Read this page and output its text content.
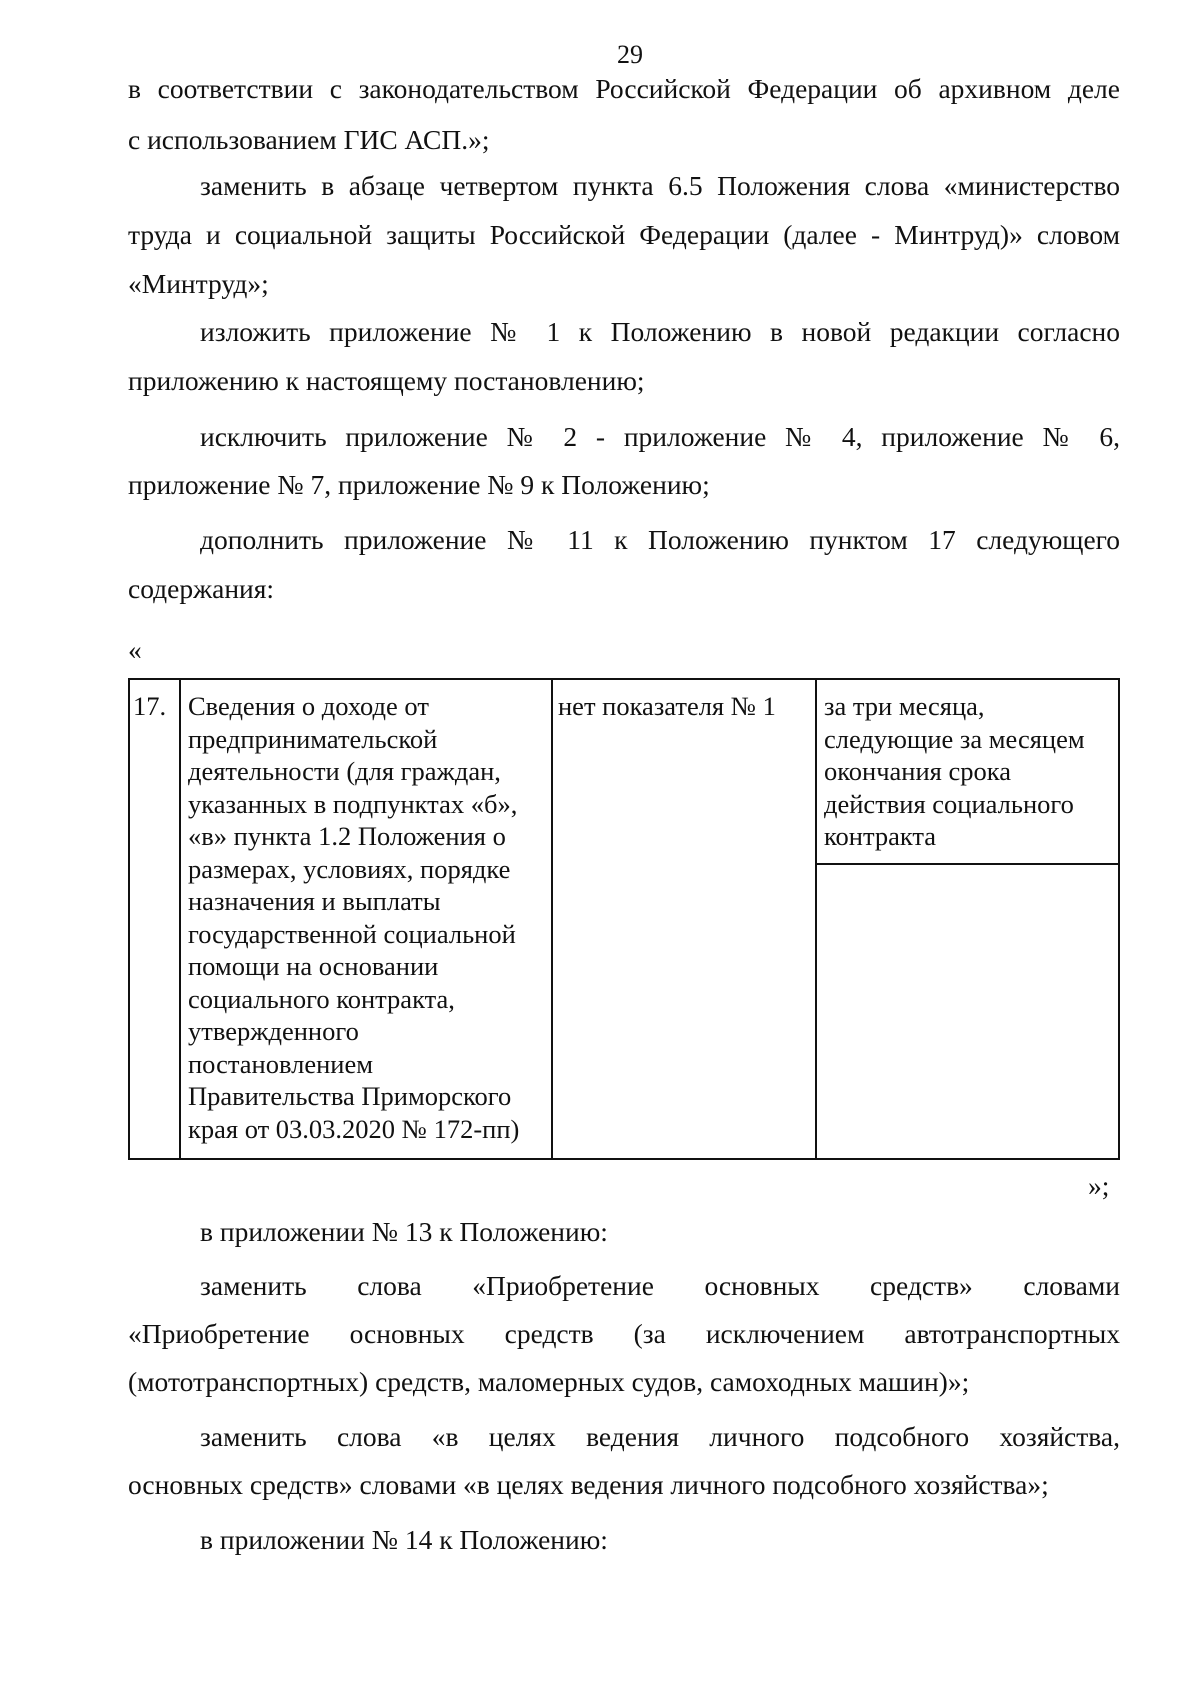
29
в соответствии с законодательством Российской Федерации об архивном деле
с использованием ГИС АСП.»;
заменить в абзаце четвертом пункта 6.5 Положения слова «министерство
труда и социальной защиты Российской Федерации (далее - Минтруд)» словом
«Минтруд»;
изложить приложение № 1 к Положению в новой редакции согласно
приложению к настоящему постановлению;
исключить приложение № 2 - приложение № 4, приложение № 6,
приложение № 7, приложение № 9 к Положению;
дополнить приложение № 11 к Положению пунктом 17 следующего
содержания:
«
17. Сведения о доходе от
предпринимательской
деятельности (для граждан,
указанных в подпунктах «б»,
«в» пункта 1.2 Положения о
размерах, условиях, порядке
назначения и выплаты
государственной социальной
помощи на основании
социального контракта,
утвержденного
постановлением
Правительства Приморского
края от 03.03.2020 № 172-пп)
нет показателя № 1 за три месяца,
следующие за месяцем
окончания срока
действия социального
контракта
»;
в приложении № 13 к Положению:
заменить слова «Приобретение основных средств» словами
«Приобретение основных средств (за исключением автотранспортных
(мототранспортных) средств, маломерных судов, самоходных машин)»;
заменить слова «в целях ведения личного подсобного хозяйства,
основных средств» словами «в целях ведения личного подсобного хозяйства»;
в приложении № 14 к Положению:
